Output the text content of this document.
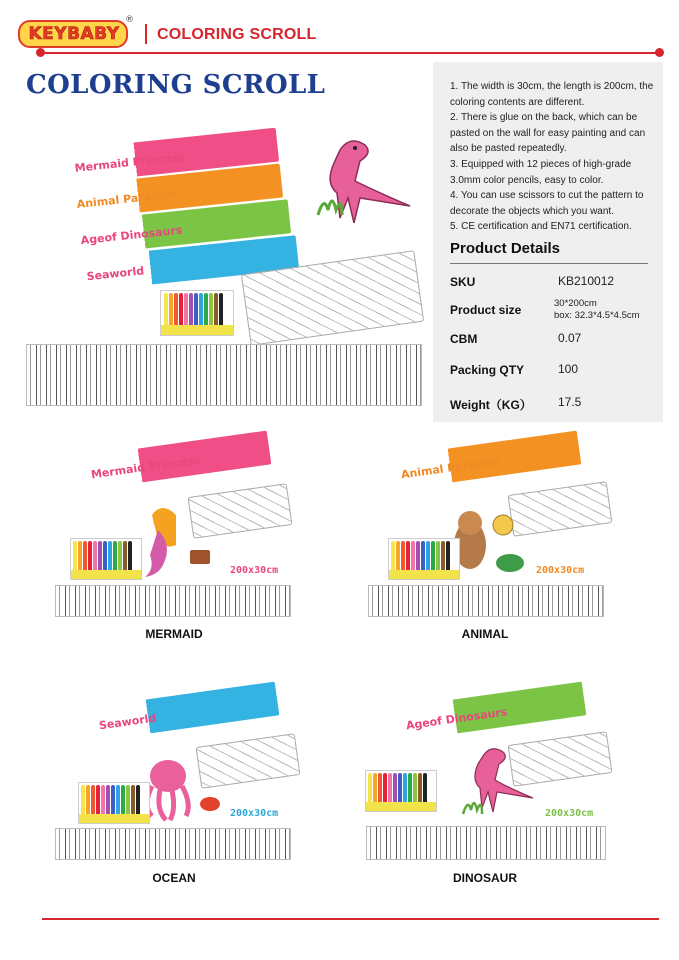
KEYBABY
®
COLORING SCROLL
COLORING SCROLL
Mermaid Princess
Animal Paradise
Ageof Dinosaurs
Seaworld
1. The width is 30cm, the length is 200cm, the coloring contents are different.
2. There is glue on the back, which can be pasted on the wall for easy painting and can also be pasted repeatedly.
3. Equipped with 12 pieces of high-grade 3.0mm color pencils, easy to color.
4. You can use scissors to cut the pattern to decorate the objects which you want.
5. CE certification and EN71 certification.
Product Details
SKU	KB210012
Product size	30*200cm
box: 32.3*4.5*4.5cm
CBM	0.07
Packing QTY	100
Weight（KG） 17.5
Mermaid Princess
200x30cm
MERMAID
Animal Paradise
200x30cm
ANIMAL
Seaworld
200x30cm
OCEAN
Ageof Dinosaurs
200x30cm
DINOSAUR
